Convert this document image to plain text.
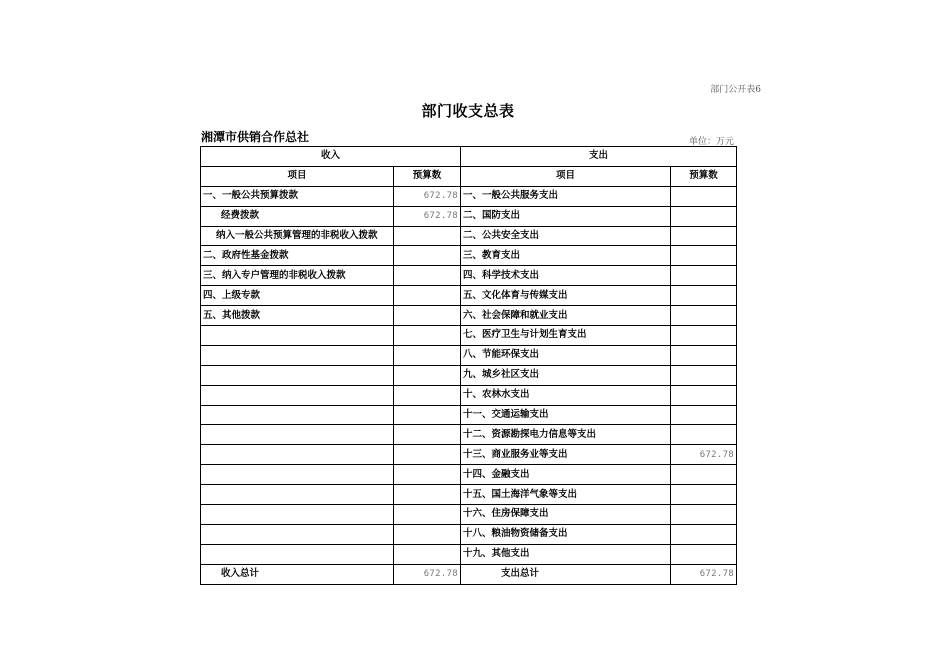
部门公开表6
部门收支总表
湘潭市供销合作总社	单位：万元
收入		支出	
项目	预算数	项目	预算数
一、一般公共预算拨款	672.78	一、一般公共服务支出	
经费拨款	672.78	二、国防支出	
纳入一般公共预算管理的非税收入拨款		二、公共安全支出	
二、政府性基金拨款		三、教育支出	
三、纳入专户管理的非税收入拨款		四、科学技术支出	
四、上级专款		五、文化体育与传媒支出	
五、其他拨款		六、社会保障和就业支出	
		七、医疗卫生与计划生育支出	
		八、节能环保支出	
		九、城乡社区支出	
		十、农林水支出	
		十一、交通运输支出	
		十二、资源勘探电力信息等支出	
		十三、商业服务业等支出	672.78
		十四、金融支出	
		十五、国土海洋气象等支出	
		十六、住房保障支出	
		十八、粮油物资储备支出	
		十九、其他支出	
收入总计	672.78	支出总计	672.78
